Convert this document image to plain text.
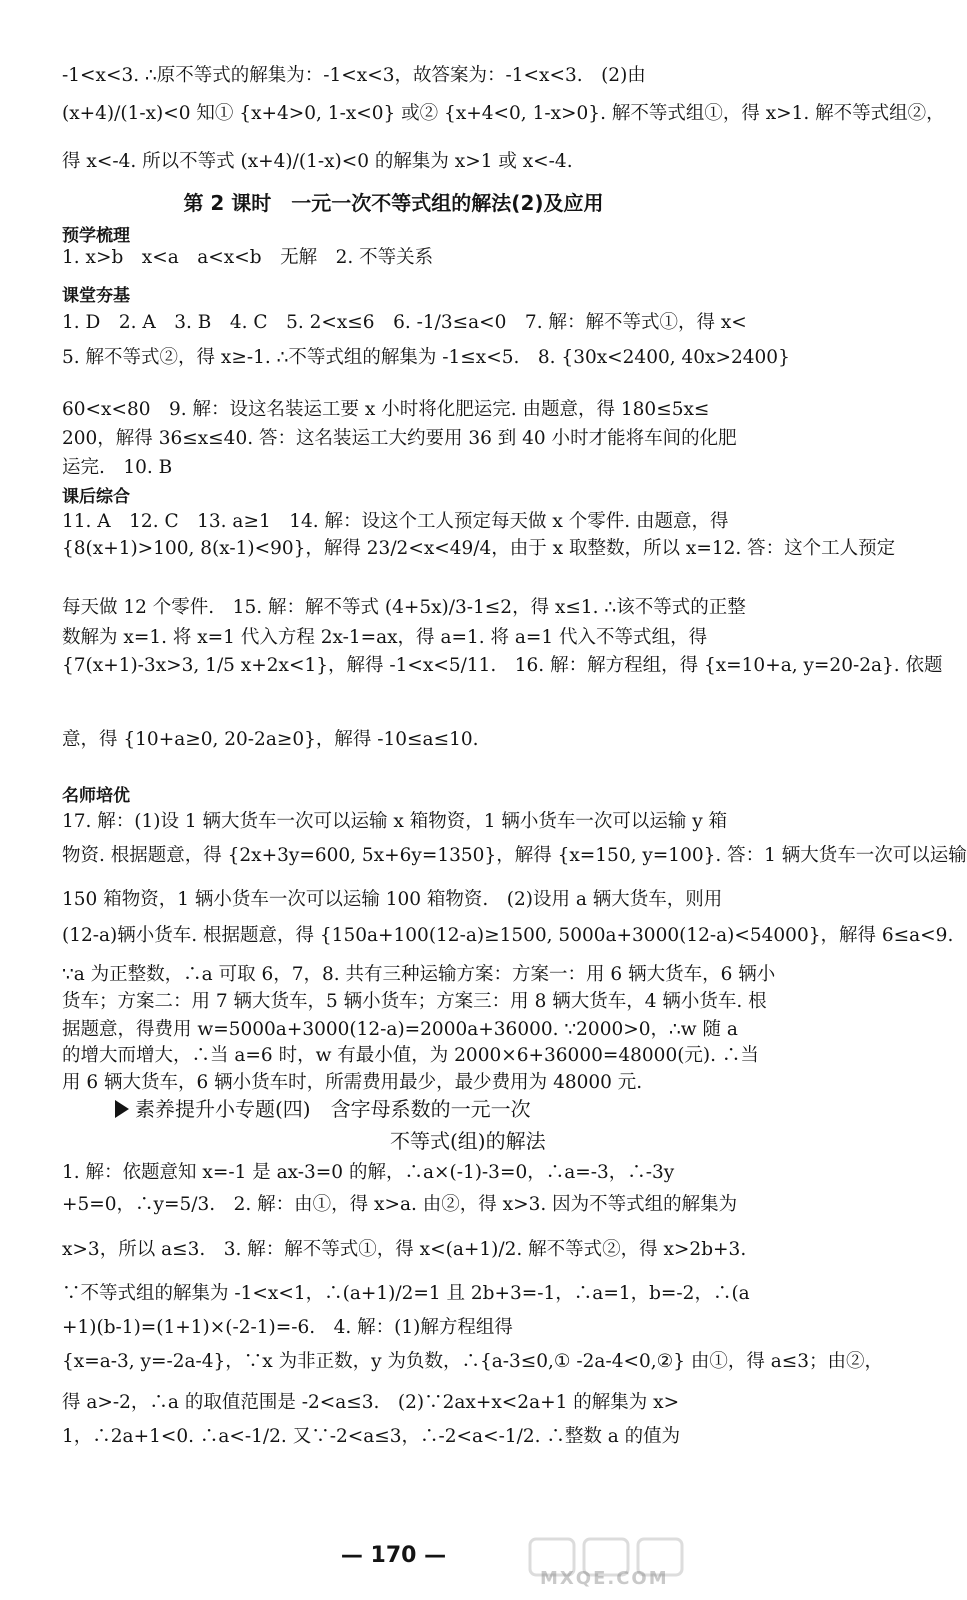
-1<x<3. ∴原不等式的解集为：-1<x<3，故答案为：-1<x<3.　(2)由
(x+4)/(1-x)<0 知① {x+4>0, 1-x<0} 或② {x+4<0, 1-x>0}. 解不等式组①，得 x>1. 解不等式组②，
得 x<-4. 所以不等式 (x+4)/(1-x)<0 的解集为 x>1 或 x<-4.
第 2 课时　一元一次不等式组的解法(2)及应用
预学梳理
1. x>b　x<a　a<x<b　无解　2. 不等关系
课堂夯基
1. D　2. A　3. B　4. C　5. 2<x≤6　6. -1/3≤a<0　7. 解：解不等式①，得 x<
5. 解不等式②，得 x≥-1. ∴不等式组的解集为 -1≤x<5.　8. {30x<2400, 40x>2400}
60<x<80　9. 解：设这名装运工要 x 小时将化肥运完. 由题意，得 180≤5x≤
200，解得 36≤x≤40. 答：这名装运工大约要用 36 到 40 小时才能将车间的化肥
运完.　10. B
课后综合
11. A　12. C　13. a≥1　14. 解：设这个工人预定每天做 x 个零件. 由题意，得
{8(x+1)>100, 8(x-1)<90}，解得 23/2<x<49/4，由于 x 取整数，所以 x=12. 答：这个工人预定
每天做 12 个零件.　15. 解：解不等式 (4+5x)/3-1≤2，得 x≤1. ∴该不等式的正整
数解为 x=1. 将 x=1 代入方程 2x-1=ax，得 a=1. 将 a=1 代入不等式组，得
{7(x+1)-3x>3, 1/5 x+2x<1}，解得 -1<x<5/11.　16. 解：解方程组，得 {x=10+a, y=20-2a}. 依题
意，得 {10+a≥0, 20-2a≥0}，解得 -10≤a≤10.
名师培优
17. 解：(1)设 1 辆大货车一次可以运输 x 箱物资，1 辆小货车一次可以运输 y 箱
物资. 根据题意，得 {2x+3y=600, 5x+6y=1350}，解得 {x=150, y=100}. 答：1 辆大货车一次可以运输
150 箱物资，1 辆小货车一次可以运输 100 箱物资.　(2)设用 a 辆大货车，则用
(12-a)辆小货车. 根据题意，得 {150a+100(12-a)≥1500, 5000a+3000(12-a)<54000}，解得 6≤a<9.
∵a 为正整数，∴a 可取 6，7，8. 共有三种运输方案：方案一：用 6 辆大货车，6 辆小
货车；方案二：用 7 辆大货车，5 辆小货车；方案三：用 8 辆大货车，4 辆小货车. 根
据题意，得费用 w=5000a+3000(12-a)=2000a+36000. ∵2000>0，∴w 随 a
的增大而增大，∴当 a=6 时，w 有最小值，为 2000×6+36000=48000(元). ∴当
用 6 辆大货车，6 辆小货车时，所需费用最少，最少费用为 48000 元.
1. 解：依题意知 x=-1 是 ax-3=0 的解，∴a×(-1)-3=0，∴a=-3，∴-3y
+5=0，∴y=5/3.　2. 解：由①，得 x>a. 由②，得 x>3. 因为不等式组的解集为
x>3，所以 a≤3.　3. 解：解不等式①，得 x<(a+1)/2. 解不等式②，得 x>2b+3.
∵不等式组的解集为 -1<x<1，∴(a+1)/2=1 且 2b+3=-1，∴a=1，b=-2，∴(a
+1)(b-1)=(1+1)×(-2-1)=-6.　4. 解：(1)解方程组得
{x=a-3, y=-2a-4}，∵x 为非正数，y 为负数，∴{a-3≤0,① -2a-4<0,②} 由①，得 a≤3；由②，
得 a>-2，∴a 的取值范围是 -2<a≤3.　(2)∵2ax+x<2a+1 的解集为 x>
1，∴2a+1<0. ∴a<-1/2. 又∵-2<a≤3，∴-2<a<-1/2. ∴整数 a 的值为
素养提升小专题(四)　含字母系数的一元一次
不等式(组)的解法
— 170 —
MXQE.COM
